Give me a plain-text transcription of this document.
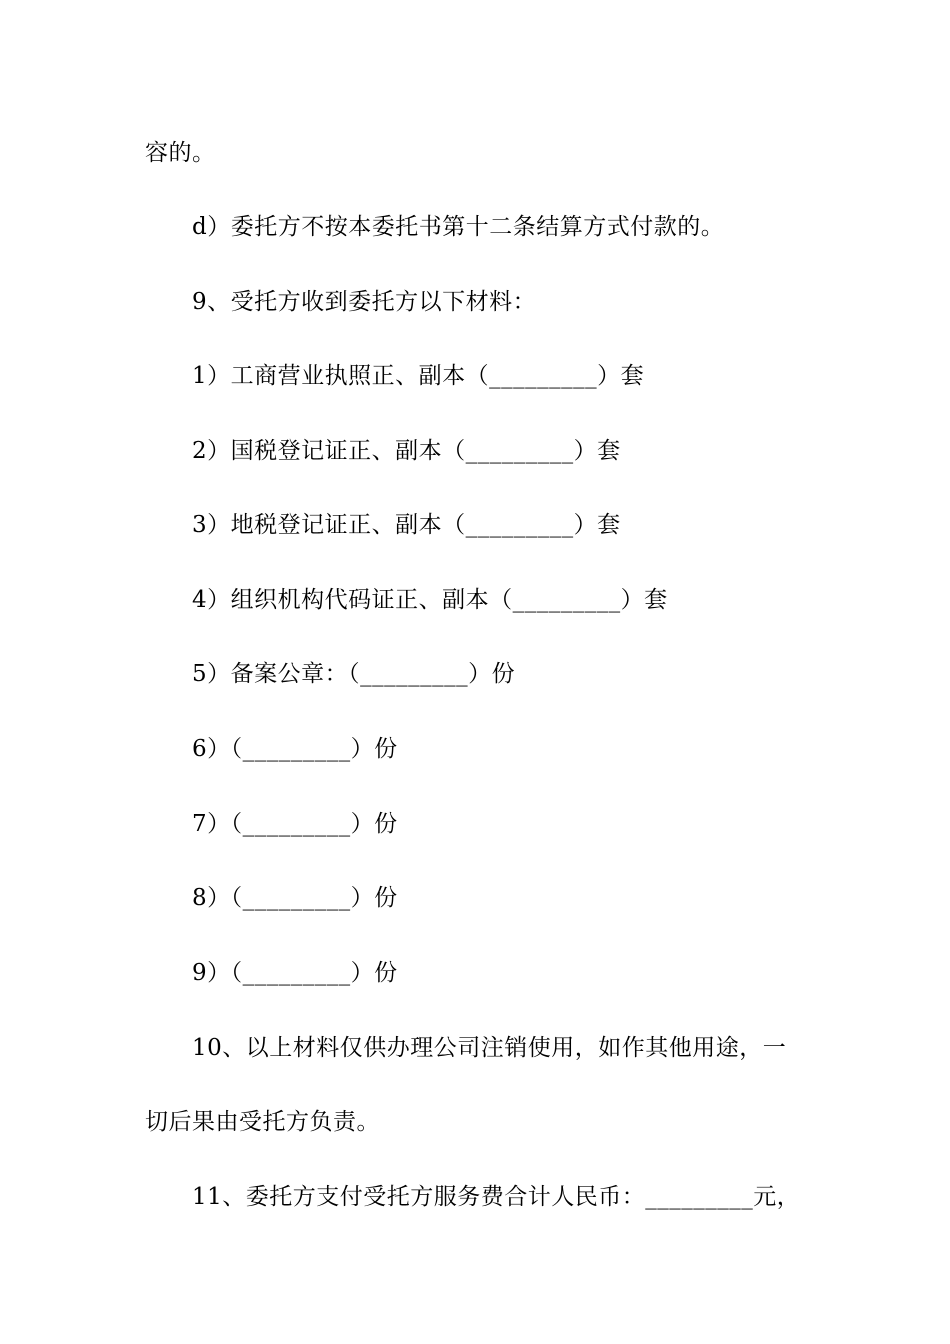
容的。
d）委托方不按本委托书第十二条结算方式付款的。
9、受托方收到委托方以下材料：
1）工商营业执照正、副本（_________）套
2）国税登记证正、副本（_________）套
3）地税登记证正、副本（_________）套
4）组织机构代码证正、副本（_________）套
5）备案公章：（_________）份
6）（_________）份
7）（_________）份
8）（_________）份
9）（_________）份
10、以上材料仅供办理公司注销使用，如作其他用途，一
切后果由受托方负责。
11、委托方支付受托方服务费合计人民币：_________元，
